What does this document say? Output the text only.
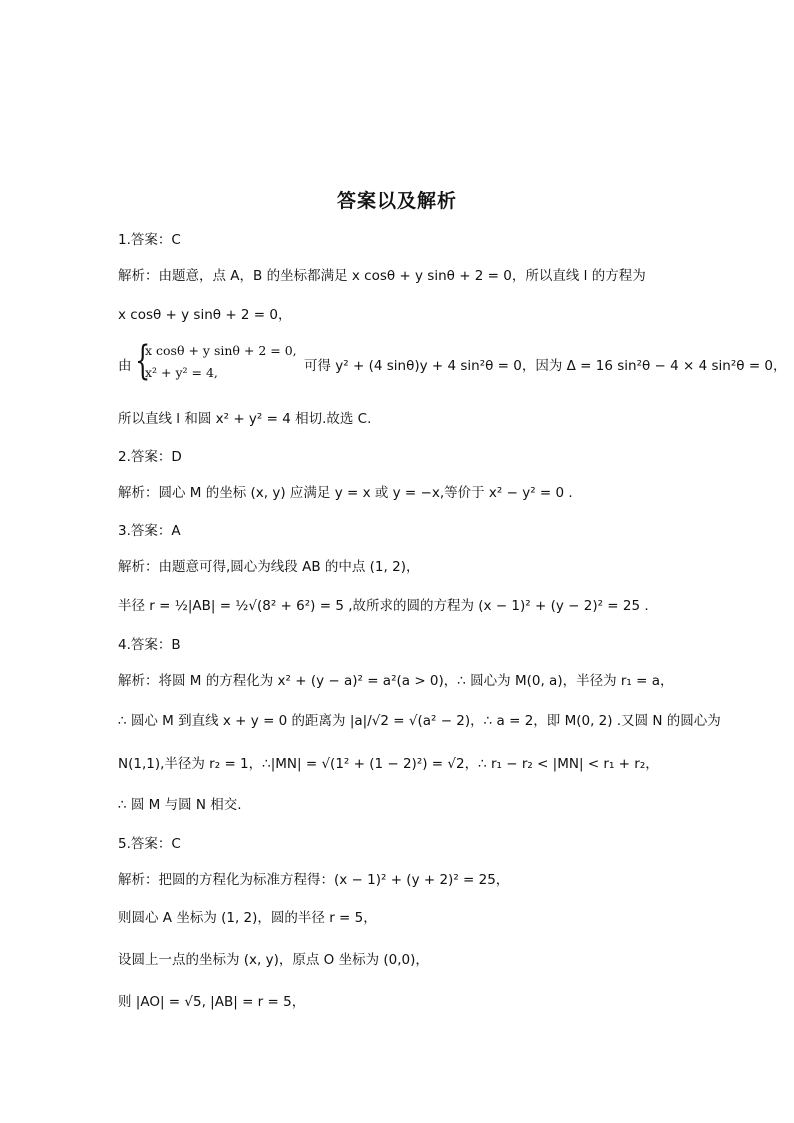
答案以及解析
1.答案：C
解析：由题意，点 A，B 的坐标都满足 x cosθ + y sinθ + 2 = 0，所以直线 l 的方程为
x cosθ + y sinθ + 2 = 0，
所以直线 l 和圆 x² + y² = 4 相切.故选 C.
2.答案：D
解析：圆心 M 的坐标 (x, y) 应满足 y = x 或 y = −x,等价于 x² − y² = 0 .
3.答案：A
解析：由题意可得,圆心为线段 AB 的中点 (1, 2)，
半径 r = ½|AB| = ½√(8² + 6²) = 5 ,故所求的圆的方程为 (x − 1)² + (y − 2)² = 25 .
4.答案：B
解析：将圆 M 的方程化为 x² + (y − a)² = a²(a > 0)，∴ 圆心为 M(0, a)，半径为 r₁ = a，
∴ 圆心 M 到直线 x + y = 0 的距离为 |a|/√2 = √(a² − 2)，∴ a = 2，即 M(0, 2) .又圆 N 的圆心为
N(1,1),半径为 r₂ = 1，∴|MN| = √(1² + (1 − 2)²) = √2，∴ r₁ − r₂ < |MN| < r₁ + r₂，
∴ 圆 M 与圆 N 相交.
5.答案：C
解析：把圆的方程化为标准方程得：(x − 1)² + (y + 2)² = 25，
则圆心 A 坐标为 (1, 2)，圆的半径 r = 5，
设圆上一点的坐标为 (x, y)，原点 O 坐标为 (0,0)，
则 |AO| = √5, |AB| = r = 5，
由 {
x cosθ + y sinθ + 2 = 0,
x² + y² = 4,	可得 y² + (4 sinθ)y + 4 sin²θ = 0，因为 Δ = 16 sin²θ − 4 × 4 sin²θ = 0，
